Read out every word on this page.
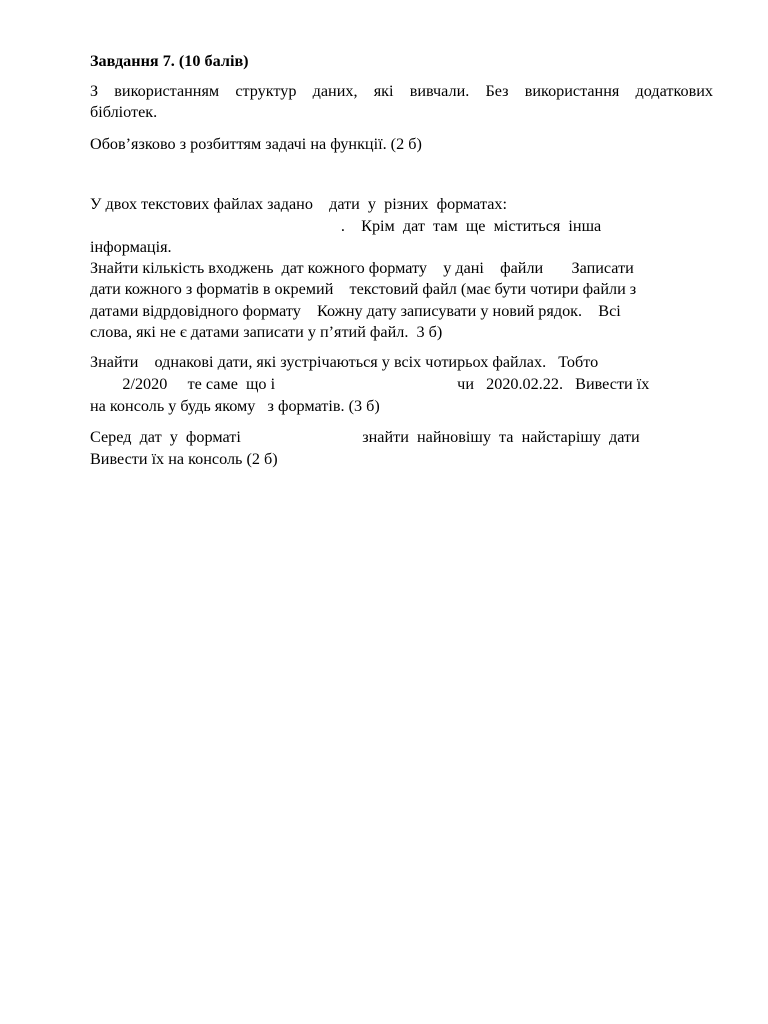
Завдання 7. (10 балів)
З використанням структур даних, які вивчали. Без використання додаткових
бібліотек.
Обов’язково з розбиттям задачі на функції. (2 б)
У двох текстових файлах задано    дати  у  різних  форматах:
.    Крім  дат  там  ще  міститься  інша
інформація.
Знайти кількість входжень  дат кожного формату    у дані    файли       Записати
дати кожного з форматів в окремий    текстовий файл (має бути чотири файли з
датами відрдовідного формату    Кожну дату записувати у новий рядок.    Всі
слова, які не є датами записати у п’ятий файл.  3 б)
Знайти    однакові дати, які зустрічаються у всіх чотирьох файлах.   Тобто
2/2020     те саме  що і                                             чи   2020.02.22.   Вивести їх
на консоль у будь якому   з форматів. (3 б)
Серед  дат  у  форматі                              знайти  найновішу  та  найстарішу  дати
Вивести їх на консоль (2 б)
